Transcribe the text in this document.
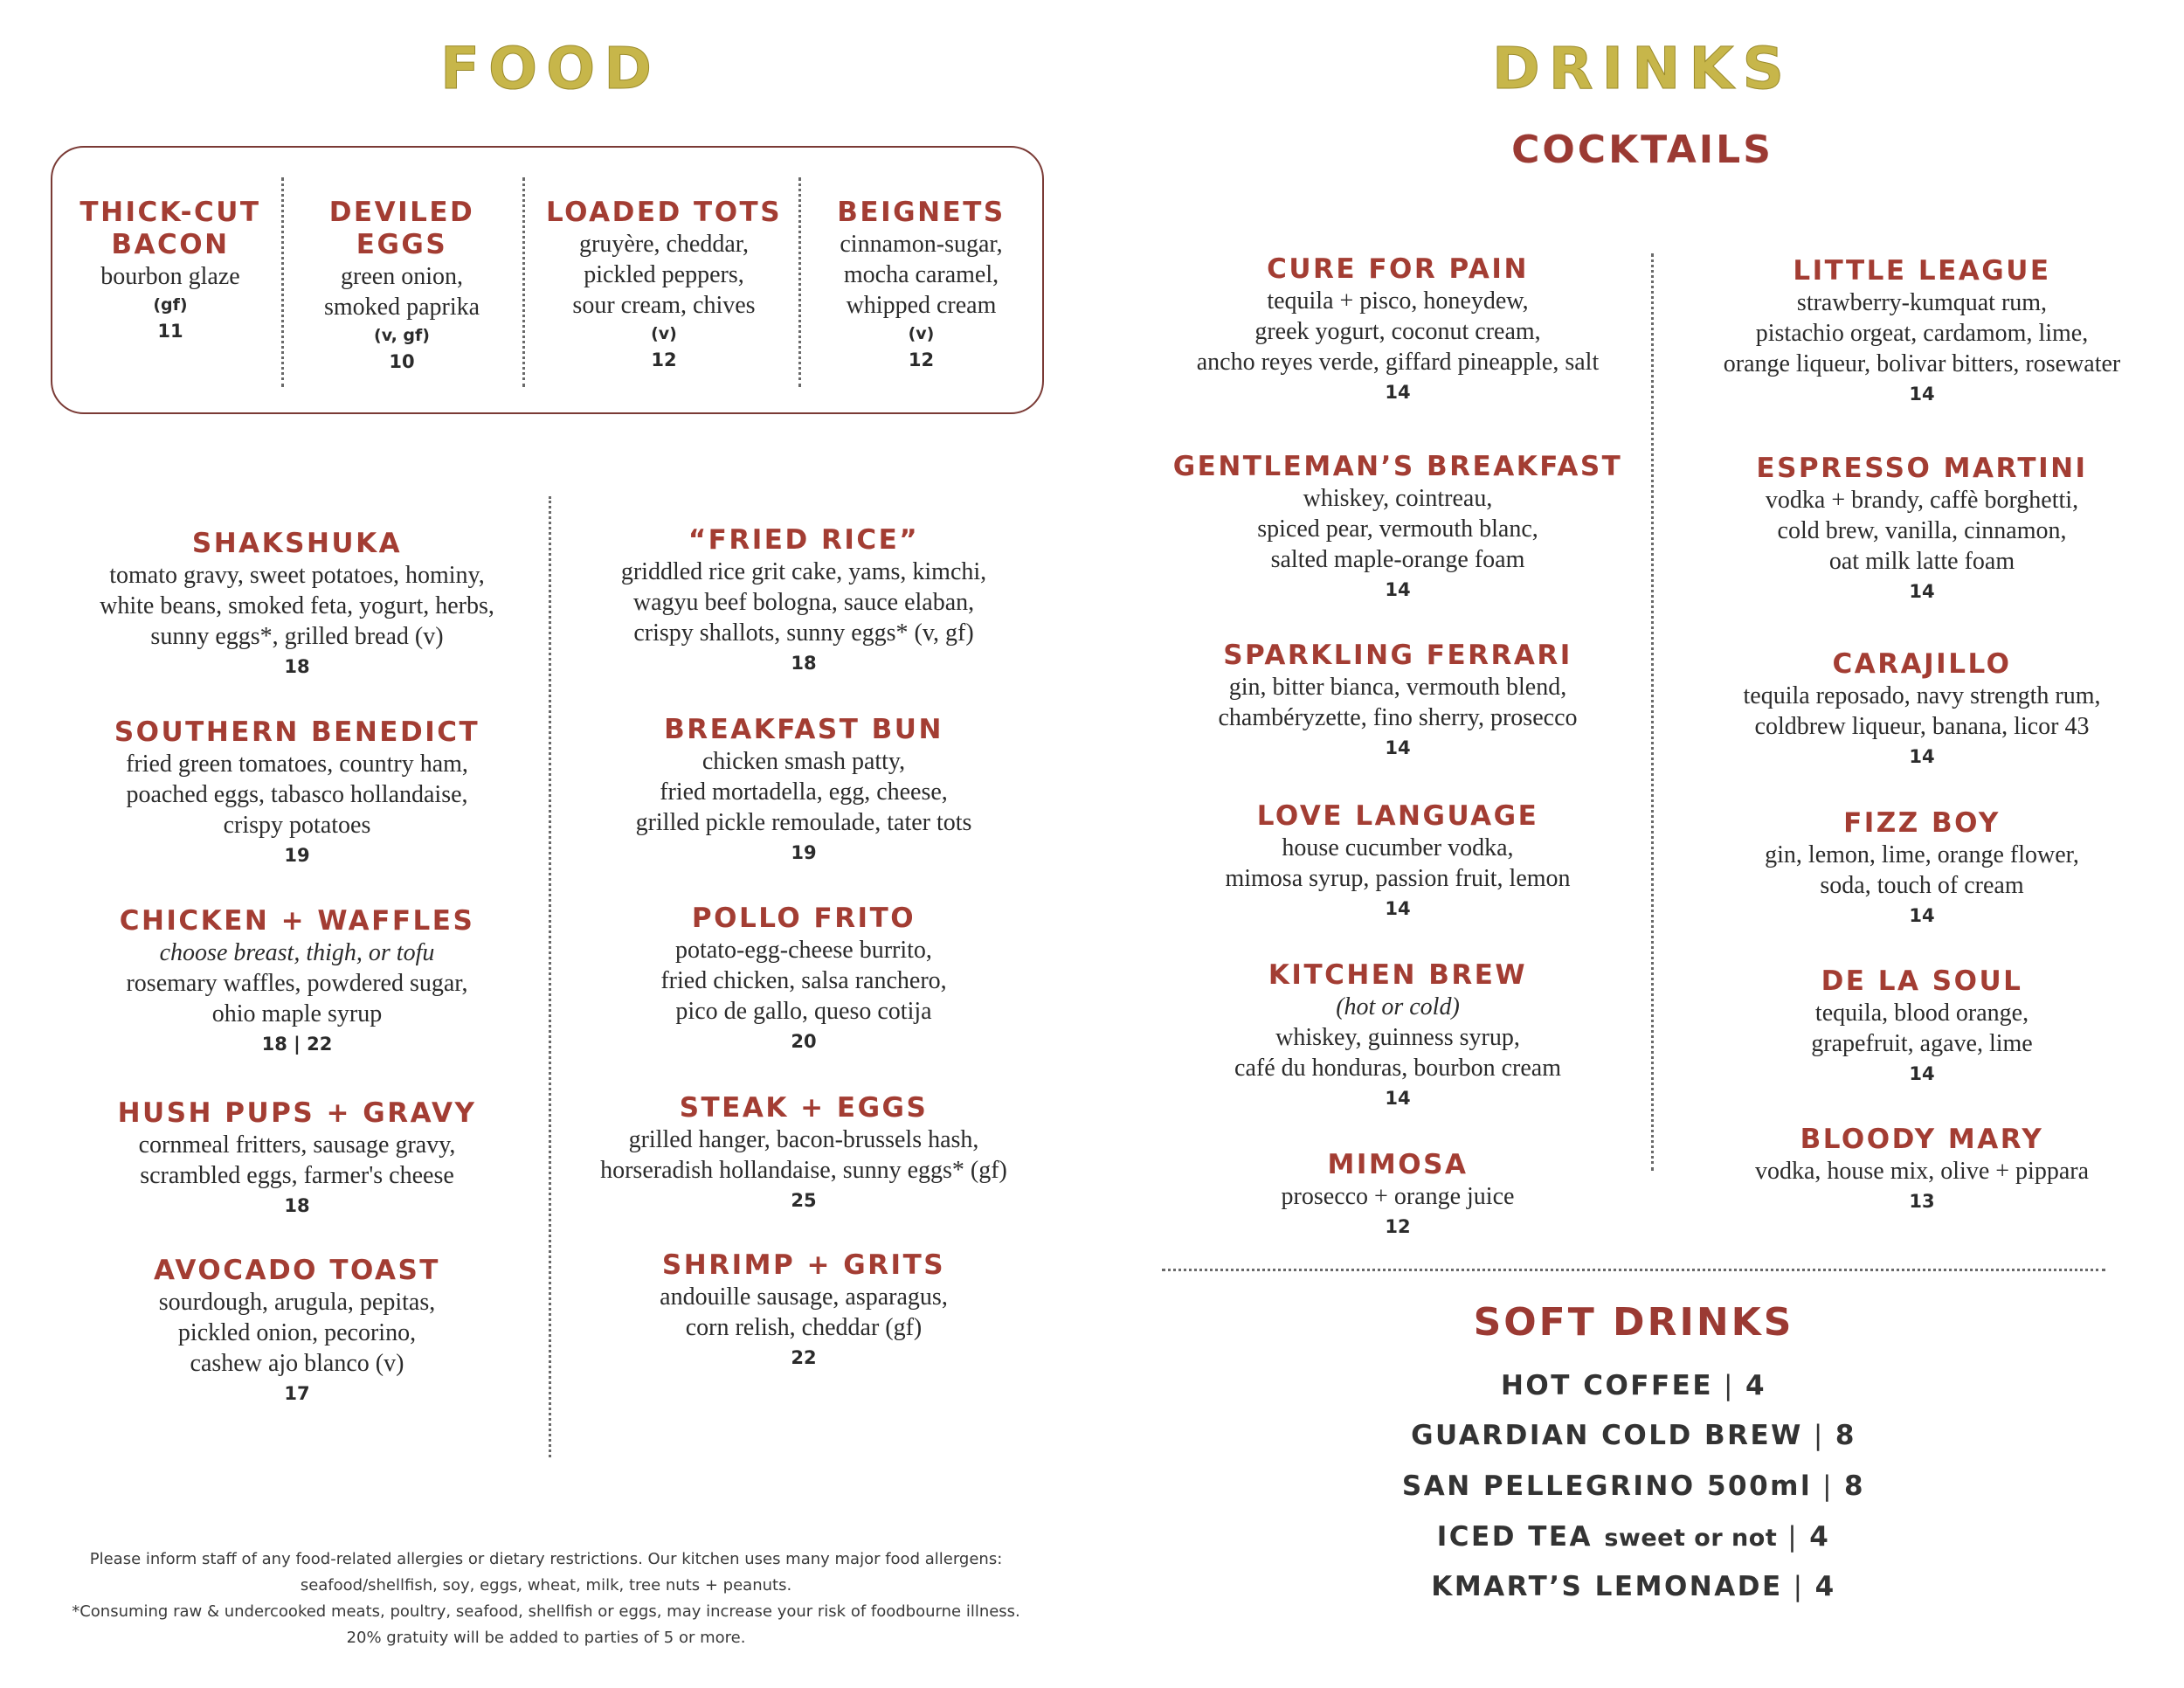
FOOD
THICK-CUT
BACON
bourbon glaze
(gf)
11
DEVILED
EGGS
green onion,
smoked paprika
(v, gf)
10
LOADED TOTS
gruyère, cheddar,
pickled peppers,
sour cream, chives
(v)
12
BEIGNETS
cinnamon-sugar,
mocha caramel,
whipped cream
(v)
12
SHAKSHUKA
tomato gravy, sweet potatoes, hominy,
white beans, smoked feta, yogurt, herbs,
sunny eggs*, grilled bread (v)
18
SOUTHERN BENEDICT
fried green tomatoes, country ham,
poached eggs, tabasco hollandaise,
crispy potatoes
19
CHICKEN + WAFFLES
choose breast, thigh, or tofu
rosemary waffles, powdered sugar,
ohio maple syrup
18 | 22
HUSH PUPS + GRAVY
cornmeal fritters, sausage gravy,
scrambled eggs, farmer's cheese
18
AVOCADO TOAST
sourdough, arugula, pepitas,
pickled onion, pecorino,
cashew ajo blanco (v)
17
“FRIED RICE”
griddled rice grit cake, yams, kimchi,
wagyu beef bologna, sauce elaban,
crispy shallots, sunny eggs* (v, gf)
18
BREAKFAST BUN
chicken smash patty,
fried mortadella, egg, cheese,
grilled pickle remoulade, tater tots
19
POLLO FRITO
potato-egg-cheese burrito,
fried chicken, salsa ranchero,
pico de gallo, queso cotija
20
STEAK + EGGS
grilled hanger, bacon-brussels hash,
horseradish hollandaise, sunny eggs* (gf)
25
SHRIMP + GRITS
andouille sausage, asparagus,
corn relish, cheddar (gf)
22
Please inform staff of any food-related allergies or dietary restrictions. Our kitchen uses many major food allergens:
seafood/shellfish, soy, eggs, wheat, milk, tree nuts + peanuts.
*Consuming raw & undercooked meats, poultry, seafood, shellfish or eggs, may increase your risk of foodbourne illness.
20% gratuity will be added to parties of 5 or more.
DRINKS
COCKTAILS
CURE FOR PAIN
tequila + pisco, honeydew,
greek yogurt, coconut cream,
ancho reyes verde, giffard pineapple, salt
14
GENTLEMAN’S BREAKFAST
whiskey, cointreau,
spiced pear, vermouth blanc,
salted maple-orange foam
14
SPARKLING FERRARI
gin, bitter bianca, vermouth blend,
chambéryzette, fino sherry, prosecco
14
LOVE LANGUAGE
house cucumber vodka,
mimosa syrup, passion fruit, lemon
14
KITCHEN BREW
(hot or cold)
whiskey, guinness syrup,
café du honduras, bourbon cream
14
MIMOSA
prosecco + orange juice
12
LITTLE LEAGUE
strawberry-kumquat rum,
pistachio orgeat, cardamom, lime,
orange liqueur, bolivar bitters, rosewater
14
ESPRESSO MARTINI
vodka + brandy, caffè borghetti,
cold brew, vanilla, cinnamon,
oat milk latte foam
14
CARAJILLO
tequila reposado, navy strength rum,
coldbrew liqueur, banana, licor 43
14
FIZZ BOY
gin, lemon, lime, orange flower,
soda, touch of cream
14
DE LA SOUL
tequila, blood orange,
grapefruit, agave, lime
14
BLOODY MARY
vodka, house mix, olive + pippara
13
SOFT DRINKS
HOT COFFEE | 4
GUARDIAN COLD BREW | 8
SAN PELLEGRINO 500ml | 8
ICED TEA sweet or not | 4
KMART’S LEMONADE | 4
